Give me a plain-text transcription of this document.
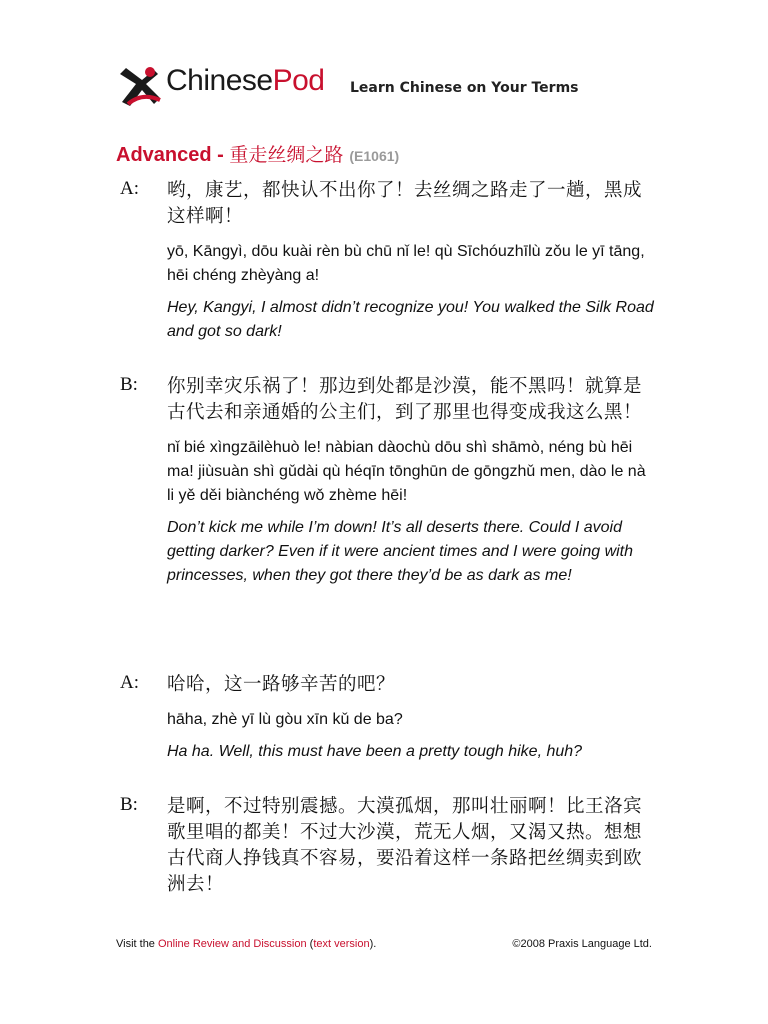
ChinesePod Learn Chinese on Your Terms
Advanced - 重走丝绸之路 (E1061)
A: 哟，康艺，都快认不出你了！去丝绸之路走了一趟，黑成这样啊！
yō, Kāngyì, dōu kuài rèn bù chū nǐ le! qù Sīchóuzhīlù zǒu le yī tāng, hēi chéng zhèyàng a!
Hey, Kangyi, I almost didn’t recognize you! You walked the Silk Road and got so dark!
B: 你别幸灾乐祸了！那边到处都是沙漠，能不黑吗！就算是古代去和亲通婚的公主们，到了那里也得变成我这么黑！
nǐ bié xìngzāilèhuò le! nàbian dàochù dōu shì shāmò, néng bù hēi ma! jiùsuàn shì gǔdài qù héqīn tōnghūn de gōngzhǔ men, dào le nà li yě děi biànchéng wǒ zhème hēi!
Don’t kick me while I’m down! It’s all deserts there. Could I avoid getting darker? Even if it were ancient times and I were going with princesses, when they got there they’d be as dark as me!
A: 哈哈，这一路够辛苦的吧？
hāha, zhè yī lù gòu xīn kǔ de ba?
Ha ha. Well, this must have been a pretty tough hike, huh?
B: 是啊，不过特别震撼。大漠孤烟，那叫壮丽啊！比王洛宾歌里唱的都美！不过大沙漠，荒无人烟，又渴又热。想想古代商人挣钱真不容易，要沿着这样一条路把丝绸卖到欧洲去！
Visit the Online Review and Discussion (text version).	©2008 Praxis Language Ltd.
